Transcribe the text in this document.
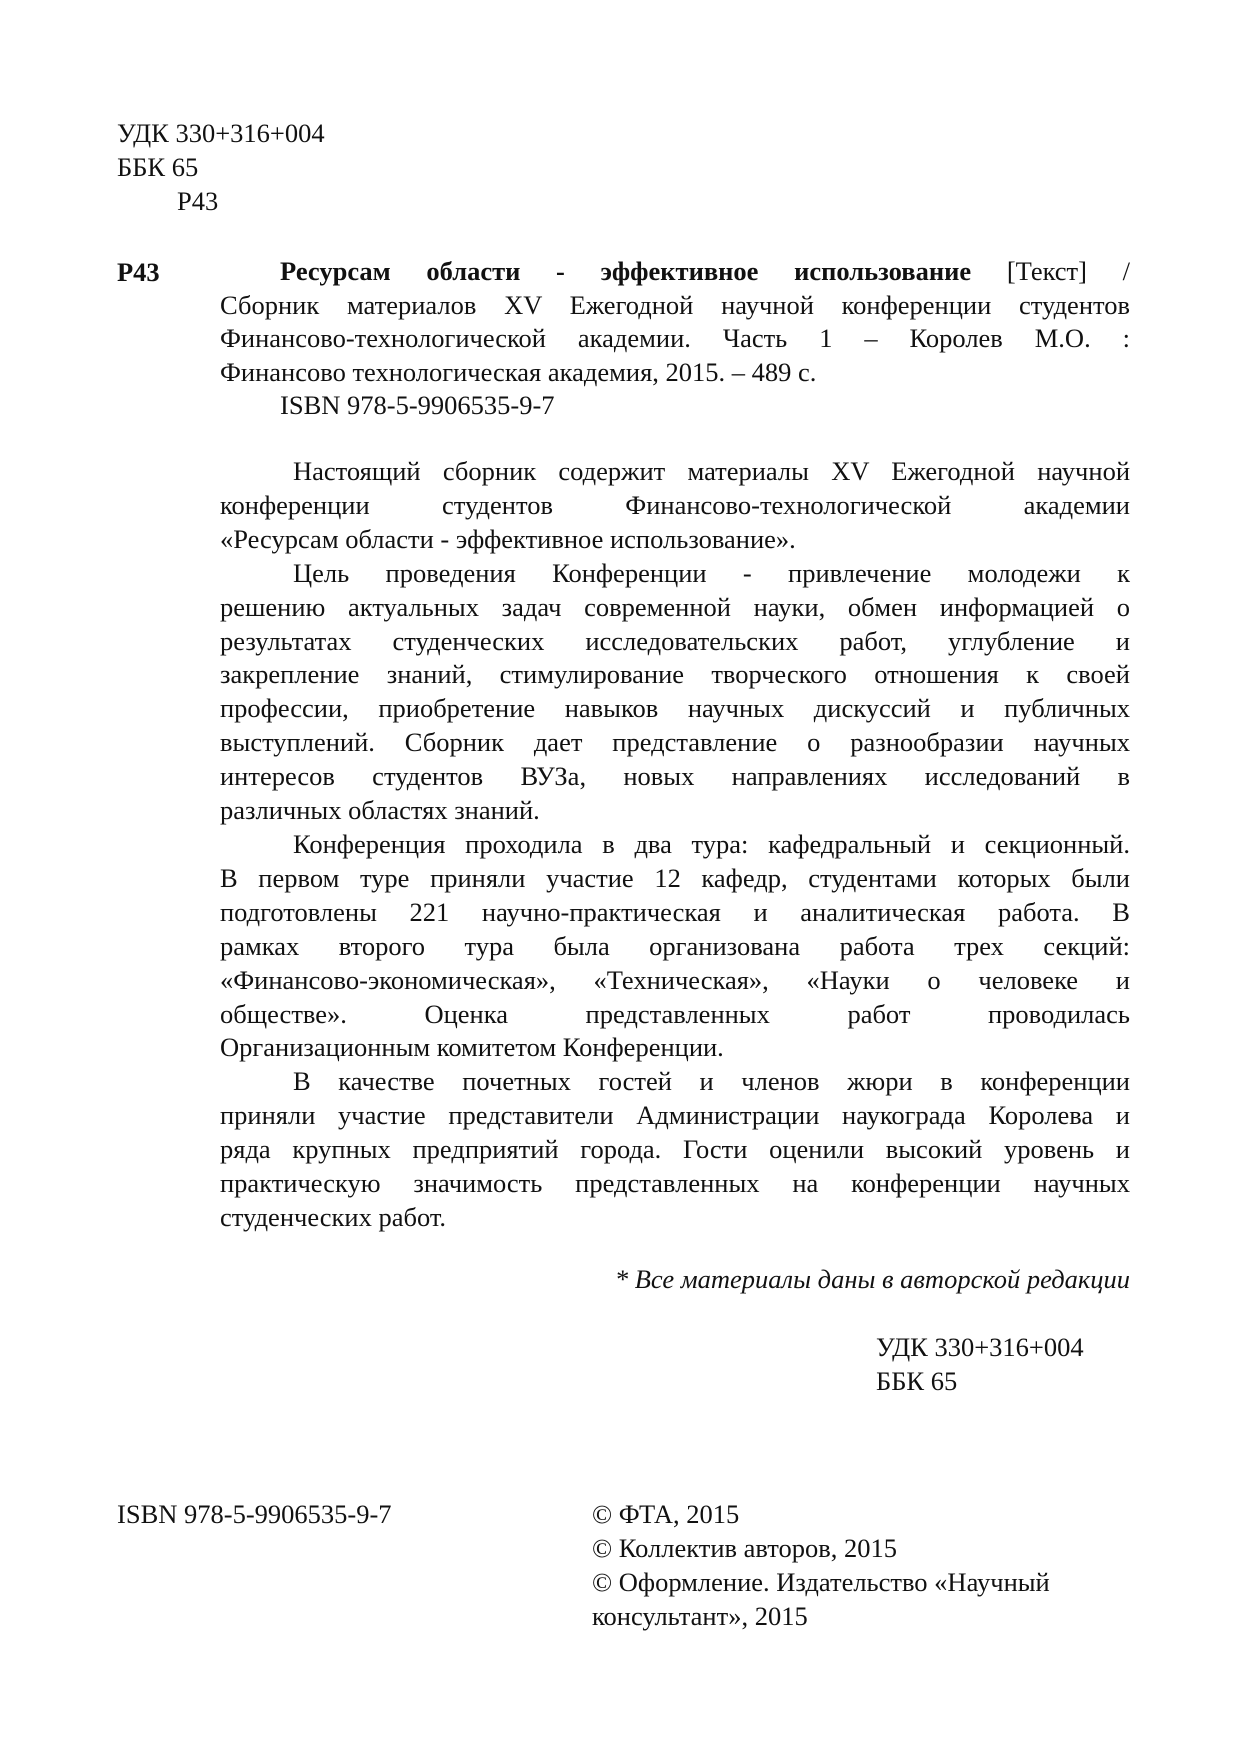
УДК 330+316+004
ББК 65
Р43
Р43	Ресурсам области - эффективное использование [Текст] /
Сборник материалов XV Ежегодной научной конференции студентов
Финансово-технологической академии. Часть 1 – Королев М.О. :
Финансово технологическая академия, 2015. – 489 с.
ISBN 978-5-9906535-9-7
Настоящий сборник содержит материалы XV Ежегодной научной
конференции студентов Финансово-технологической академии
«Ресурсам области - эффективное использование».
Цель проведения Конференции - привлечение молодежи к
решению актуальных задач современной науки, обмен информацией о
результатах студенческих исследовательских работ, углубление и
закрепление знаний, стимулирование творческого отношения к своей
профессии, приобретение навыков научных дискуссий и публичных
выступлений. Сборник дает представление о разнообразии научных
интересов студентов ВУЗа, новых направлениях исследований в
различных областях знаний.
Конференция проходила в два тура: кафедральный и секционный.
В первом туре приняли участие 12 кафедр, студентами которых были
подготовлены 221 научно-практическая и аналитическая работа. В
рамках второго тура была организована работа трех секций:
«Финансово-экономическая», «Техническая», «Науки о человеке и
обществе». Оценка представленных работ проводилась
Организационным комитетом Конференции.
В качестве почетных гостей и членов жюри в конференции
приняли участие представители Администрации наукограда Королева и
ряда крупных предприятий города. Гости оценили высокий уровень и
практическую значимость представленных на конференции научных
студенческих работ.
* Все материалы даны в авторской редакции
УДК 330+316+004
ББК 65
ISBN 978-5-9906535-9-7	© ФТА, 2015
© Коллектив авторов, 2015
© Оформление. Издательство «Научный
консультант», 2015
